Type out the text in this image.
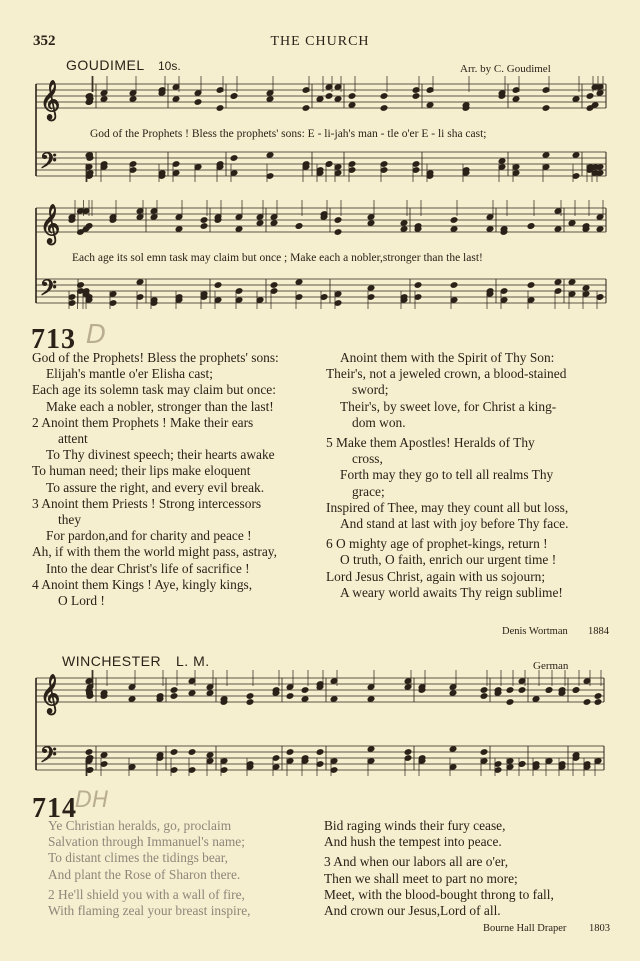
352	THE CHURCH
GOUDIMEL 10s.	Arr. by C. Goudimel
𝄞
𝄢
𝄞
𝄢
𝄞
𝄢
God of the Prophets ! Bless the prophets' sons: E - li-jah's man - tle o'er E - li sha cast;
Each age its sol emn task may claim but once ; Make each a nobler,stronger than the last!
713 D
God of the Prophets! Bless the prophets' sons:
Elijah's mantle o'er Elisha cast;
Each age its solemn task may claim but once:
Make each a nobler, stronger than the last!
2 Anoint them Prophets ! Make their ears
attent
To Thy divinest speech; their hearts awake
To human need; their lips make eloquent
To assure the right, and every evil break.
3 Anoint them Priests ! Strong intercessors
they
For pardon,and for charity and peace !
Ah, if with them the world might pass, astray,
Into the dear Christ's life of sacrifice !
4 Anoint them Kings ! Aye, kingly kings,
O Lord !
Anoint them with the Spirit of Thy Son:
Their's, not a jeweled crown, a blood-stained
sword;
Their's, by sweet love, for Christ a king-
dom won.

5 Make them Apostles! Heralds of Thy
cross,
Forth may they go to tell all realms Thy
grace;
Inspired of Thee, may they count all but loss,
And stand at last with joy before Thy face.

6 O mighty age of prophet-kings, return !
O truth, O faith, enrich our urgent time !
Lord Jesus Christ, again with us sojourn;
A weary world awaits Thy reign sublime!
Denis Wortman 1884
WINCHESTER L. M.	German
714
DH
Ye Christian heralds, go, proclaim
Salvation through Immanuel's name;
To distant climes the tidings bear,
And plant the Rose of Sharon there.

2 He'll shield you with a wall of fire,
With flaming zeal your breast inspire,
Bid raging winds their fury cease,
And hush the tempest into peace.

3 And when our labors all are o'er,
Then we shall meet to part no more;
Meet, with the blood-bought throng to fall,
And crown our Jesus,Lord of all.
Bourne Hall Draper 1803
